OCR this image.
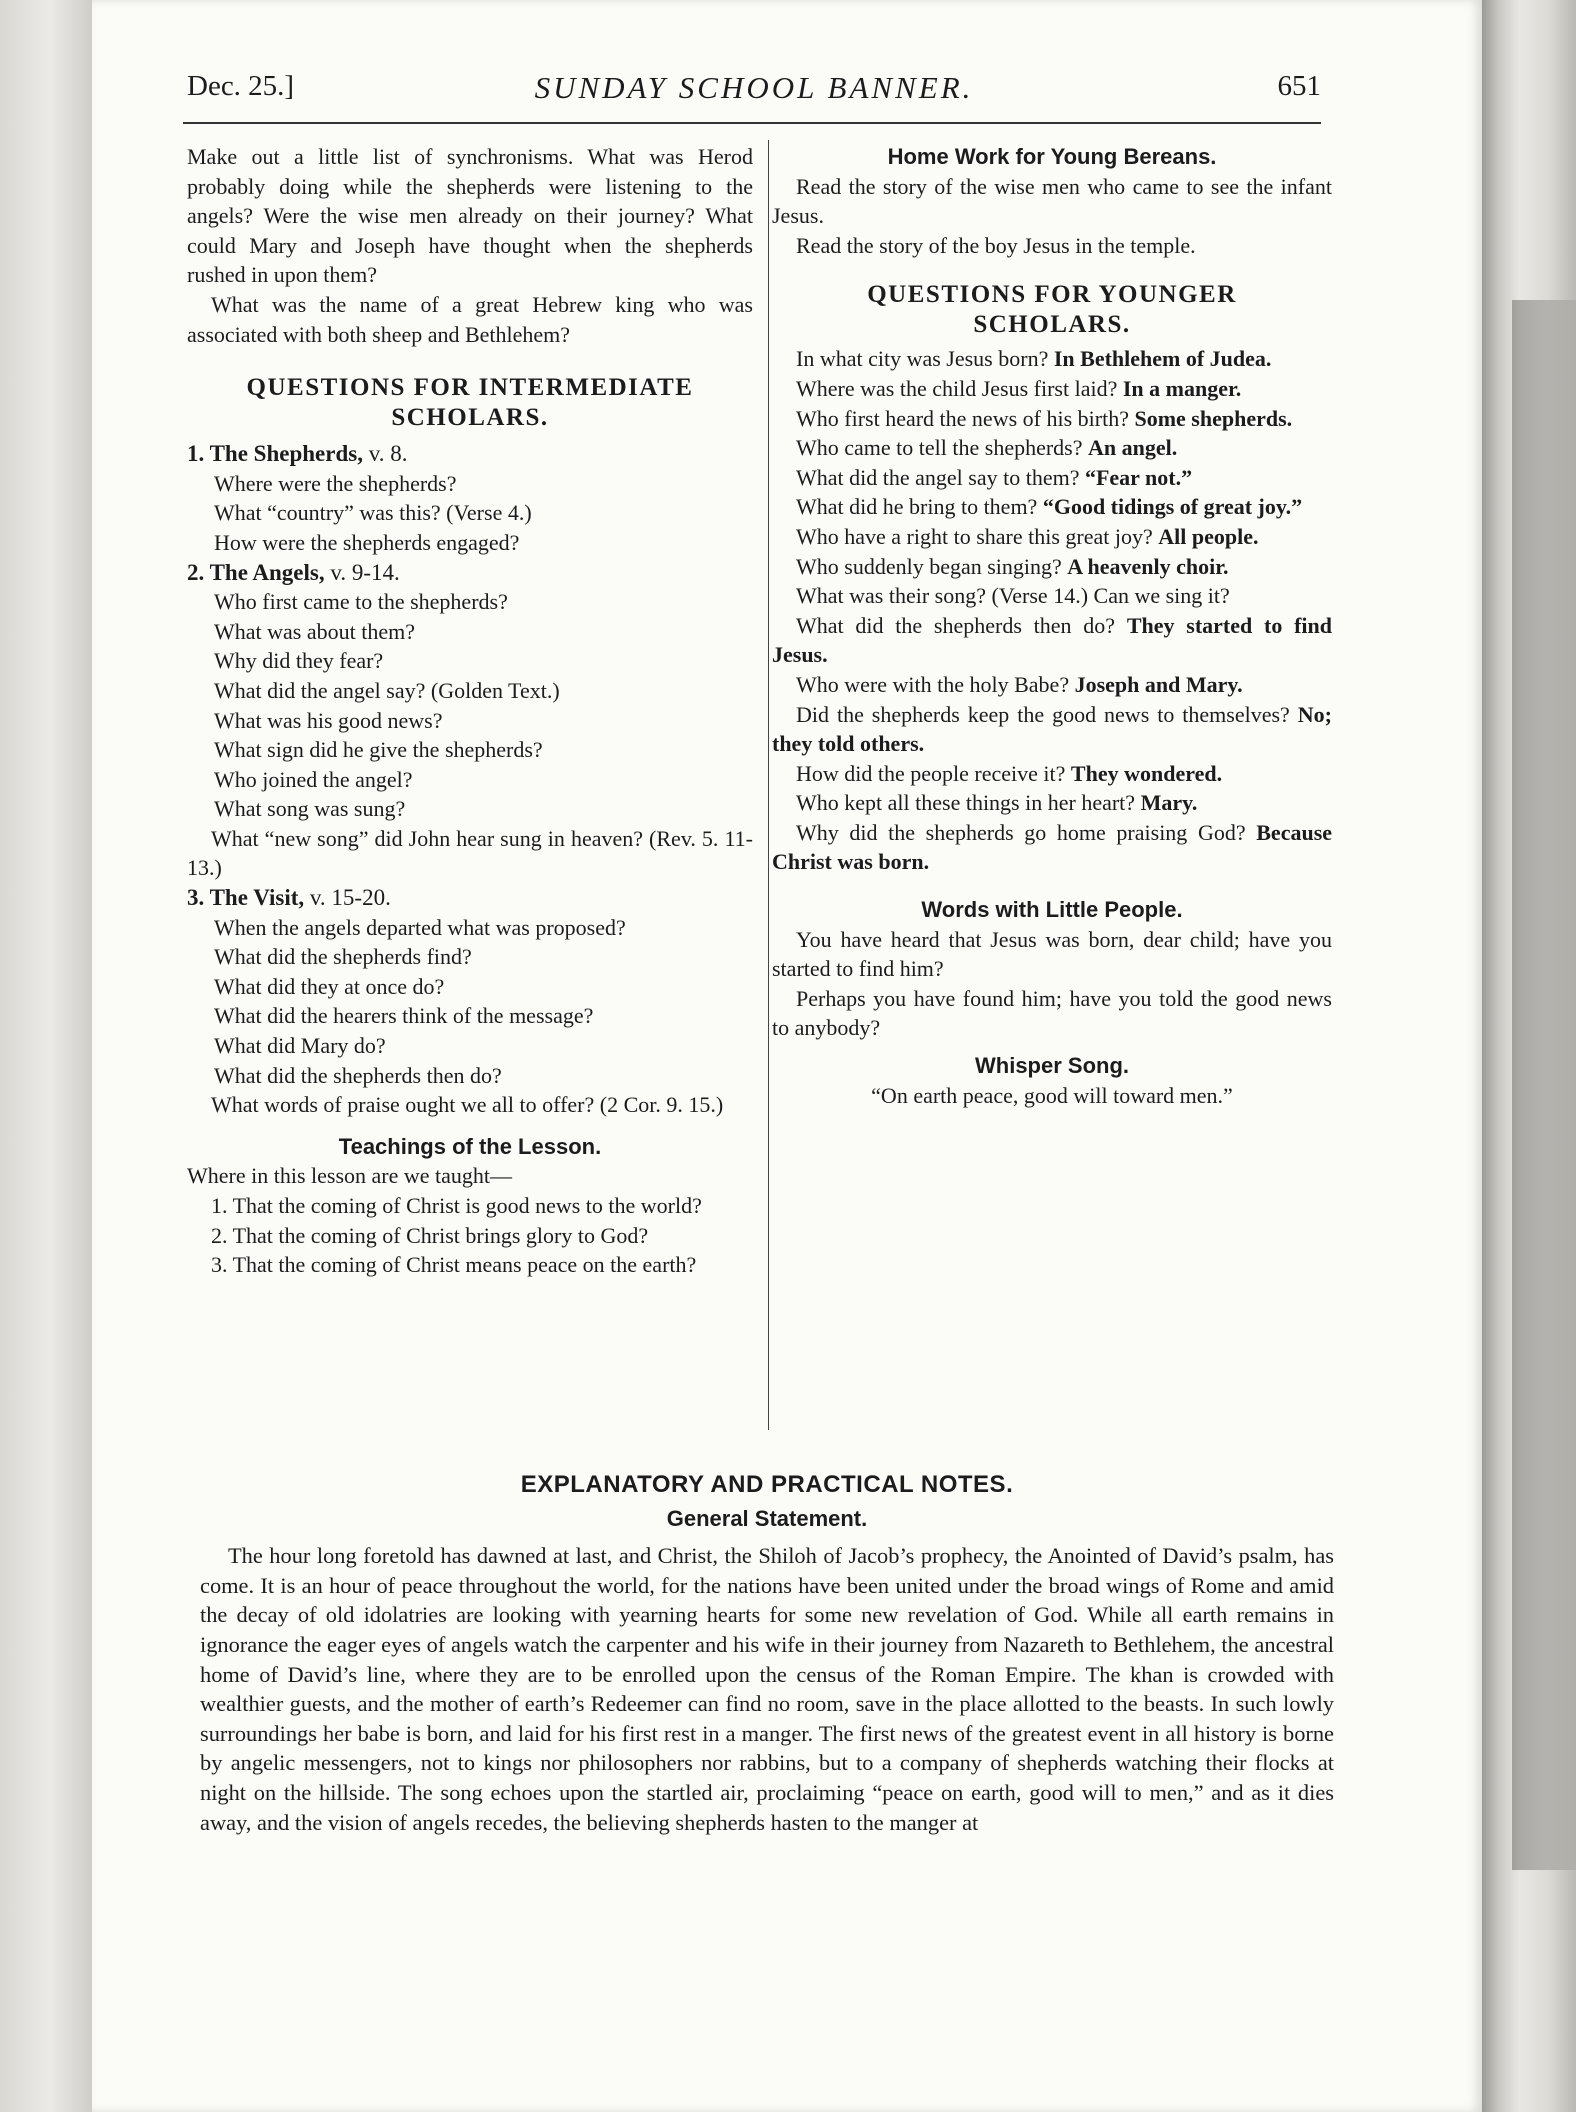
Dec. 25.]	SUNDAY SCHOOL BANNER.	651

Make out a little list of synchronisms. What was Herod probably doing while the shepherds were listening to the angels? Were the wise men already on their journey? What could Mary and Joseph have thought when the shepherds rushed in upon them?

What was the name of a great Hebrew king who was associated with both sheep and Bethlehem?

QUESTIONS FOR INTERMEDIATE SCHOLARS.

1. The Shepherds, v. 8.

Where were the shepherds?

What “country” was this? (Verse 4.)

How were the shepherds engaged?

2. The Angels, v. 9-14.

Who first came to the shepherds?

What was about them?

Why did they fear?

What did the angel say? (Golden Text.)

What was his good news?

What sign did he give the shepherds?

Who joined the angel?

What song was sung?

What “new song” did John hear sung in heaven? (Rev. 5. 11-13.)

3. The Visit, v. 15-20.

When the angels departed what was proposed?

What did the shepherds find?

What did they at once do?

What did the hearers think of the message?

What did Mary do?

What did the shepherds then do?

What words of praise ought we all to offer? (2 Cor. 9. 15.)

Teachings of the Lesson.

Where in this lesson are we taught—

1. That the coming of Christ is good news to the world?

2. That the coming of Christ brings glory to God?

3. That the coming of Christ means peace on the earth?

Home Work for Young Bereans.

Read the story of the wise men who came to see the infant Jesus.

Read the story of the boy Jesus in the temple.

QUESTIONS FOR YOUNGER SCHOLARS.

In what city was Jesus born? In Bethlehem of Judea.

Where was the child Jesus first laid? In a manger.

Who first heard the news of his birth? Some shepherds.

Who came to tell the shepherds? An angel.

What did the angel say to them? “Fear not.”

What did he bring to them? “Good tidings of great joy.”

Who have a right to share this great joy? All people.

Who suddenly began singing? A heavenly choir.

What was their song? (Verse 14.) Can we sing it?

What did the shepherds then do? They started to find Jesus.

Who were with the holy Babe? Joseph and Mary.

Did the shepherds keep the good news to themselves? No; they told others.

How did the people receive it? They wondered.

Who kept all these things in her heart? Mary.

Why did the shepherds go home praising God? Because Christ was born.

Words with Little People.

You have heard that Jesus was born, dear child; have you started to find him?

Perhaps you have found him; have you told the good news to anybody?

Whisper Song.

“On earth peace, good will toward men.”

EXPLANATORY AND PRACTICAL NOTES.

General Statement.

The hour long foretold has dawned at last, and Christ, the Shiloh of Jacob’s prophecy, the Anointed of David’s psalm, has come. It is an hour of peace throughout the world, for the nations have been united under the broad wings of Rome and amid the decay of old idolatries are looking with yearning hearts for some new revelation of God. While all earth remains in ignorance the eager eyes of angels watch the carpenter and his wife in their journey from Nazareth to Bethlehem, the ancestral home of David’s line, where they are to be enrolled upon the census of the Roman Empire. The khan is crowded with wealthier guests, and the mother of earth’s Redeemer can find no room, save in the place allotted to the beasts. In such lowly surroundings her babe is born, and laid for his first rest in a manger. The first news of the greatest event in all history is borne by angelic messengers, not to kings nor philosophers nor rabbins, but to a company of shepherds watching their flocks at night on the hillside. The song echoes upon the startled air, proclaiming “peace on earth, good will to men,” and as it dies away, and the vision of angels recedes, the believing shepherds hasten to the manger at
